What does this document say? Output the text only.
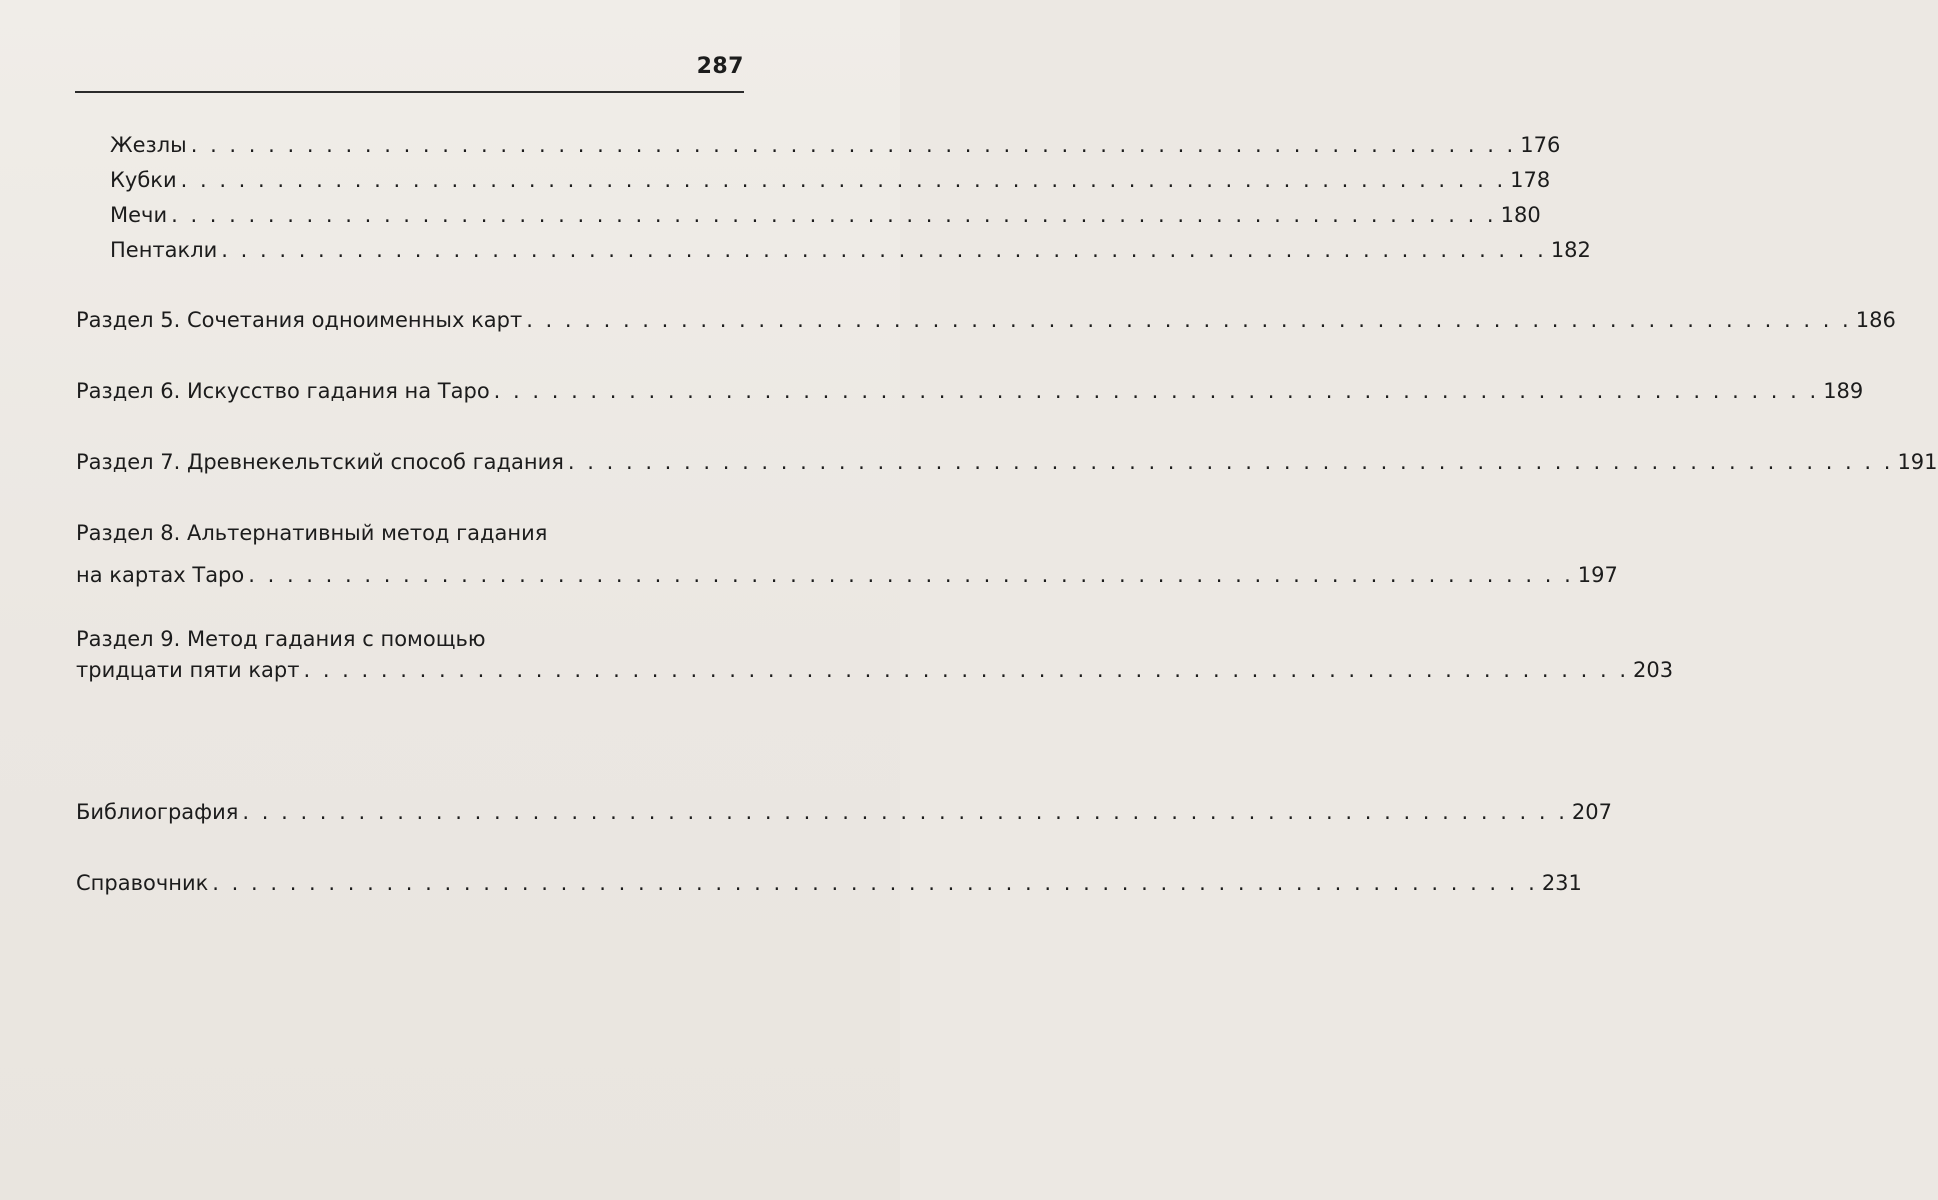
287
Жезлы . . . . . . . . . . . . . . . . . . . . . . . . . . . . . . . . . . . . . . . . . . . . . . . . . . . . . . . . . . . . . . . . . . . . . 176
Кубки . . . . . . . . . . . . . . . . . . . . . . . . . . . . . . . . . . . . . . . . . . . . . . . . . . . . . . . . . . . . . . . . . . . . . 178
Мечи . . . . . . . . . . . . . . . . . . . . . . . . . . . . . . . . . . . . . . . . . . . . . . . . . . . . . . . . . . . . . . . . . . . . . 180
Пентакли . . . . . . . . . . . . . . . . . . . . . . . . . . . . . . . . . . . . . . . . . . . . . . . . . . . . . . . . . . . . . . . . . . . . . 182
Раздел 5. Сочетания одноименных карт . . . . . . . . . . . . . . . . . . . . . . . . . . . . . . . . . . . . . . . . . . . . . . . . . . . . . . . . . . . . . . . . . . . . . 186
Раздел 6. Искусство гадания на Таро . . . . . . . . . . . . . . . . . . . . . . . . . . . . . . . . . . . . . . . . . . . . . . . . . . . . . . . . . . . . . . . . . . . . . 189
Раздел 7. Древнекельтский способ гадания . . . . . . . . . . . . . . . . . . . . . . . . . . . . . . . . . . . . . . . . . . . . . . . . . . . . . . . . . . . . . . . . . . . . . 191
Раздел 8. Альтернативный метод гадания
на картах Таро . . . . . . . . . . . . . . . . . . . . . . . . . . . . . . . . . . . . . . . . . . . . . . . . . . . . . . . . . . . . . . . . . . . . . 197
Раздел 9. Метод гадания с помощью
тридцати пяти карт . . . . . . . . . . . . . . . . . . . . . . . . . . . . . . . . . . . . . . . . . . . . . . . . . . . . . . . . . . . . . . . . . . . . . 203
Библиография . . . . . . . . . . . . . . . . . . . . . . . . . . . . . . . . . . . . . . . . . . . . . . . . . . . . . . . . . . . . . . . . . . . . . 207
Справочник . . . . . . . . . . . . . . . . . . . . . . . . . . . . . . . . . . . . . . . . . . . . . . . . . . . . . . . . . . . . . . . . . . . . . 231
